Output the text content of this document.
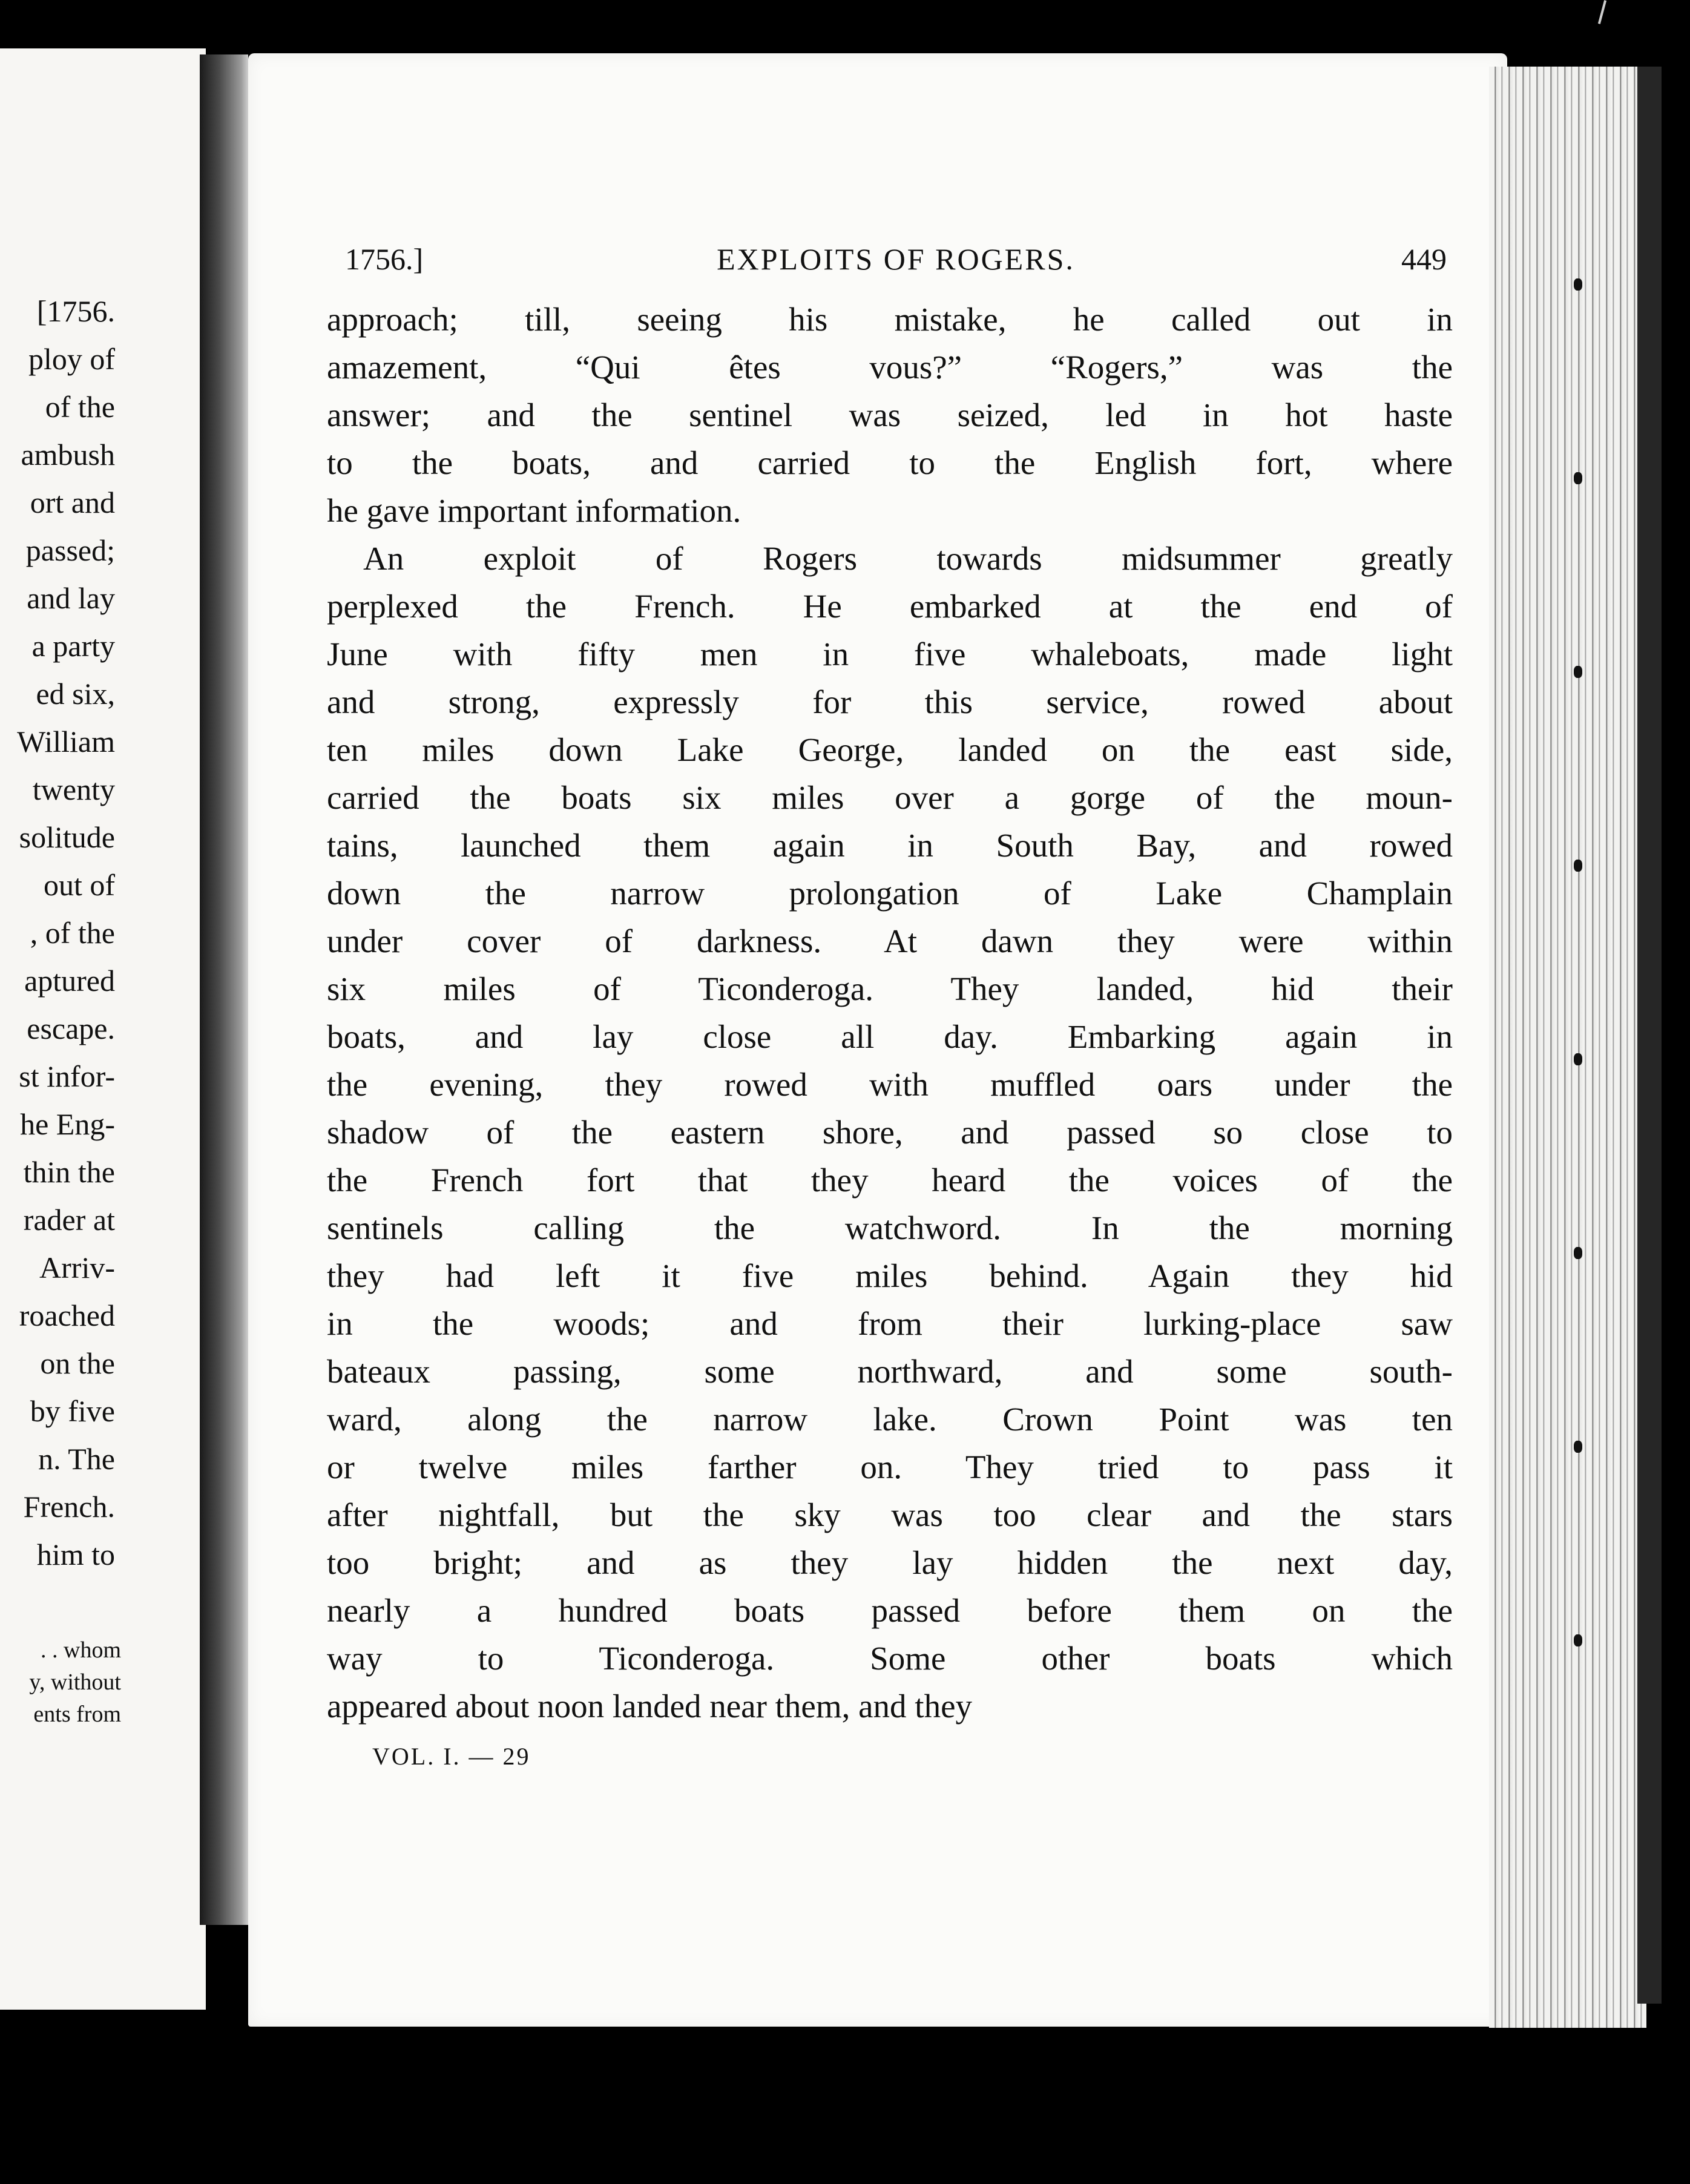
[1756.
ploy of
of the
ambush
ort and
passed;
and lay
a party
ed six,
William
twenty
solitude
out of
, of the
aptured
escape.
st infor-
he Eng-
thin the
rader at
Arriv-
roached
on the
by five
n. The
French.
him to
. . whom
y, without
ents from
1756.]	EXPLOITS OF ROGERS.	449
approach; till, seeing his mistake, he called out in
amazement, “Qui êtes vous?” “Rogers,” was the
answer; and the sentinel was seized, led in hot haste
to the boats, and carried to the English fort, where
he gave important information.
An exploit of Rogers towards midsummer greatly
perplexed the French. He embarked at the end of
June with fifty men in five whaleboats, made light
and strong, expressly for this service, rowed about
ten miles down Lake George, landed on the east side,
carried the boats six miles over a gorge of the moun-
tains, launched them again in South Bay, and rowed
down the narrow prolongation of Lake Champlain
under cover of darkness. At dawn they were within
six miles of Ticonderoga. They landed, hid their
boats, and lay close all day. Embarking again in
the evening, they rowed with muffled oars under the
shadow of the eastern shore, and passed so close to
the French fort that they heard the voices of the
sentinels calling the watchword. In the morning
they had left it five miles behind. Again they hid
in the woods; and from their lurking-place saw
bateaux passing, some northward, and some south-
ward, along the narrow lake. Crown Point was ten
or twelve miles farther on. They tried to pass it
after nightfall, but the sky was too clear and the stars
too bright; and as they lay hidden the next day,
nearly a hundred boats passed before them on the
way to Ticonderoga. Some other boats which
appeared about noon landed near them, and they
VOL. I. — 29
